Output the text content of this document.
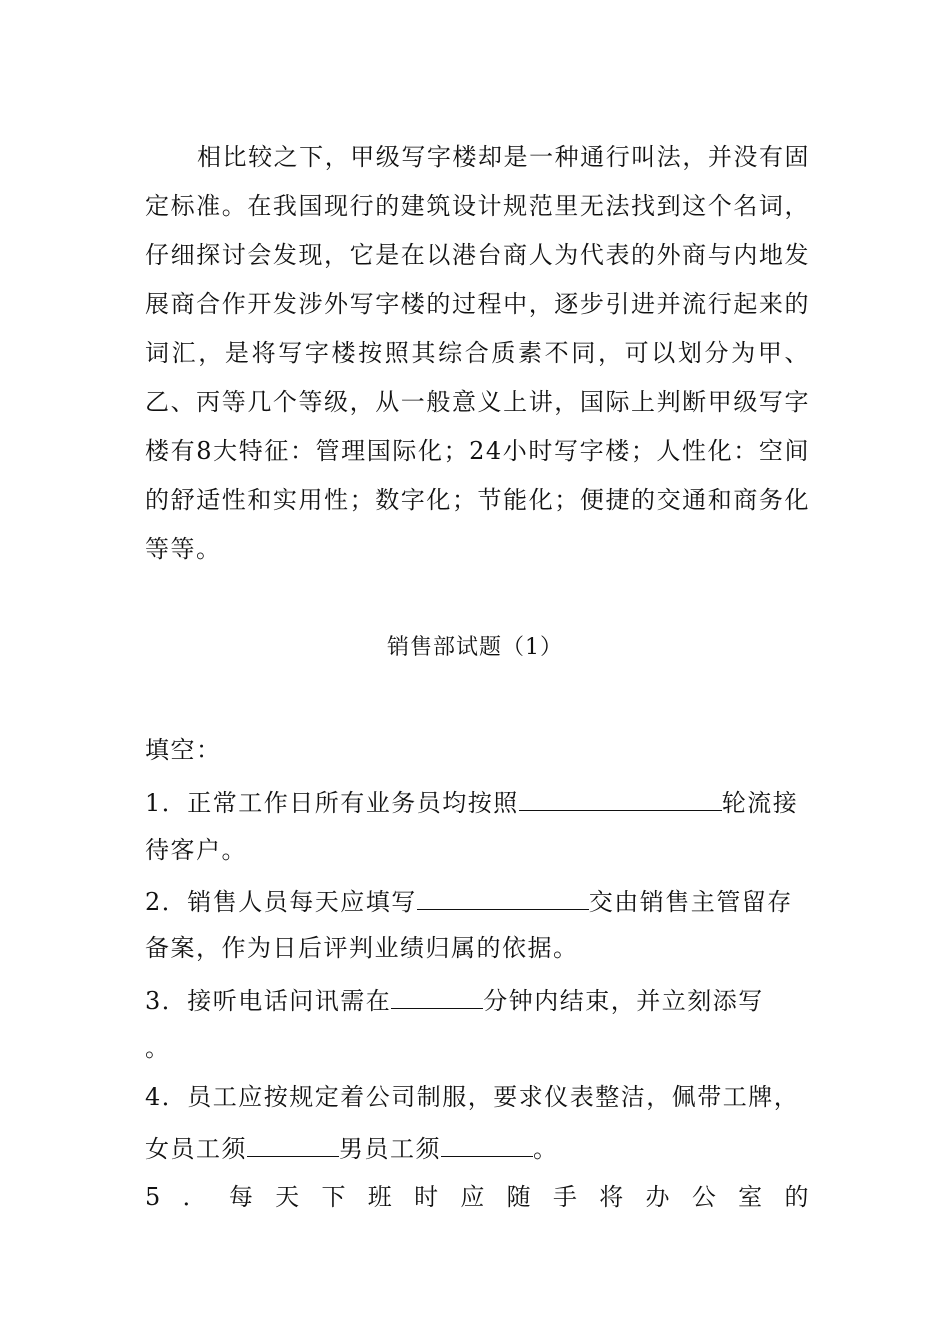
相比较之下，甲级写字楼却是一种通行叫法，并没有固定标准。在我国现行的建筑设计规范里无法找到这个名词，仔细探讨会发现，它是在以港台商人为代表的外商与内地发展商合作开发涉外写字楼的过程中，逐步引进并流行起来的词汇，是将写字楼按照其综合质素不同，可以划分为甲、乙、丙等几个等级，从一般意义上讲，国际上判断甲级写字楼有8大特征：管理国际化；24小时写字楼；人性化：空间的舒适性和实用性；数字化；节能化；便捷的交通和商务化等等。

销售部试题（1）
填空：
1．正常工作日所有业务员均按照	轮流接
待客户。
2．销售人员每天应填写	交由销售主管留存
备案，作为日后评判业绩归属的依据。
3．接听电话问讯需在	分钟内结束，并立刻添写
。
4．员工应按规定着公司制服，要求仪表整洁，佩带工牌，
女员工须	男员工须	。
5 ． 每 天 下 班 时 应 随 手 将 办 公 室 的
